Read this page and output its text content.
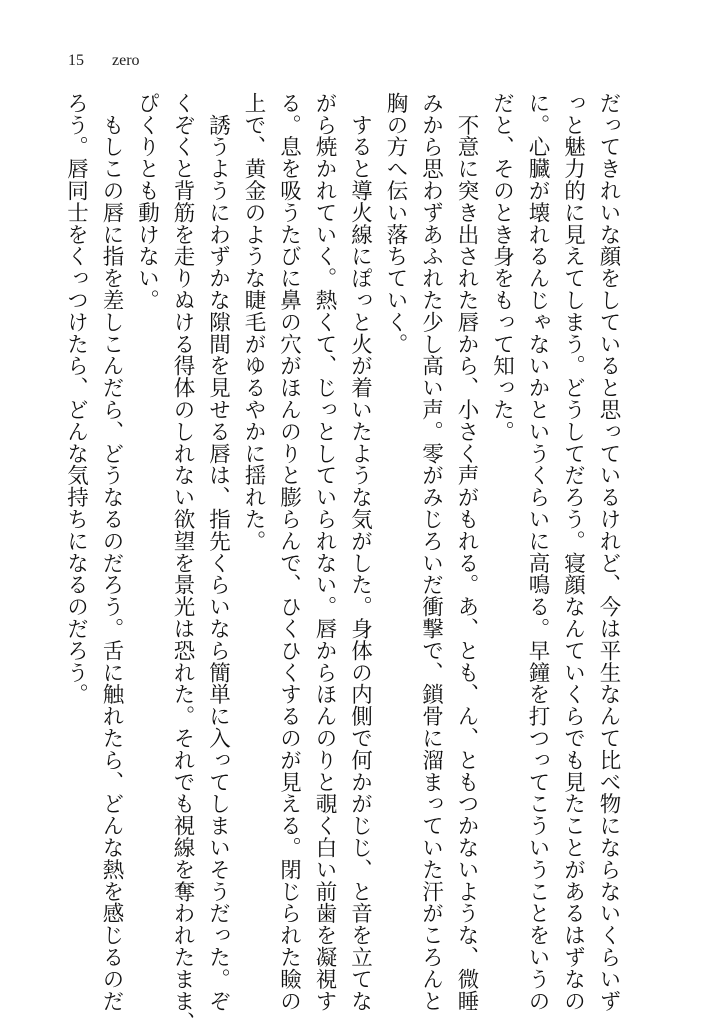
15 zero

だってきれいな顔をしていると思っているけれど、今は平生なんて比べ物にならないくらいず

っと魅力的に見えてしまう。どうしてだろう。寝顔なんていくらでも見たことがあるはずなの

に。心臓が壊れるんじゃないかというくらいに高鳴る。早鐘を打つってこういうことをいうの

だと、そのとき身をもって知った。

　不意に突き出された唇から、小さく声がもれる。あ、とも、ん、ともつかないような、微睡

みから思わずあふれた少し高い声。零がみじろいだ衝撃で、鎖骨に溜まっていた汗がころんと

胸の方へ伝い落ちていく。

　すると導火線にぽっと火が着いたような気がした。身体の内側で何かがじじ、と音を立てな

がら焼かれていく。熱くて、じっとしていられない。唇からほんのりと覗く白い前歯を凝視す

る。息を吸うたびに鼻の穴がほんのりと膨らんで、ひくひくするのが見える。閉じられた瞼の

上で、黄金のような睫毛がゆるやかに揺れた。

　誘うようにわずかな隙間を見せる唇は、指先くらいなら簡単に入ってしまいそうだった。ぞ

くぞくと背筋を走りぬける得体のしれない欲望を景光は恐れた。それでも視線を奪われたまま、

ぴくりとも動けない。

　もしこの唇に指を差しこんだら、どうなるのだろう。舌に触れたら、どんな熱を感じるのだ

ろう。唇同士をくっつけたら、どんな気持ちになるのだろう。
